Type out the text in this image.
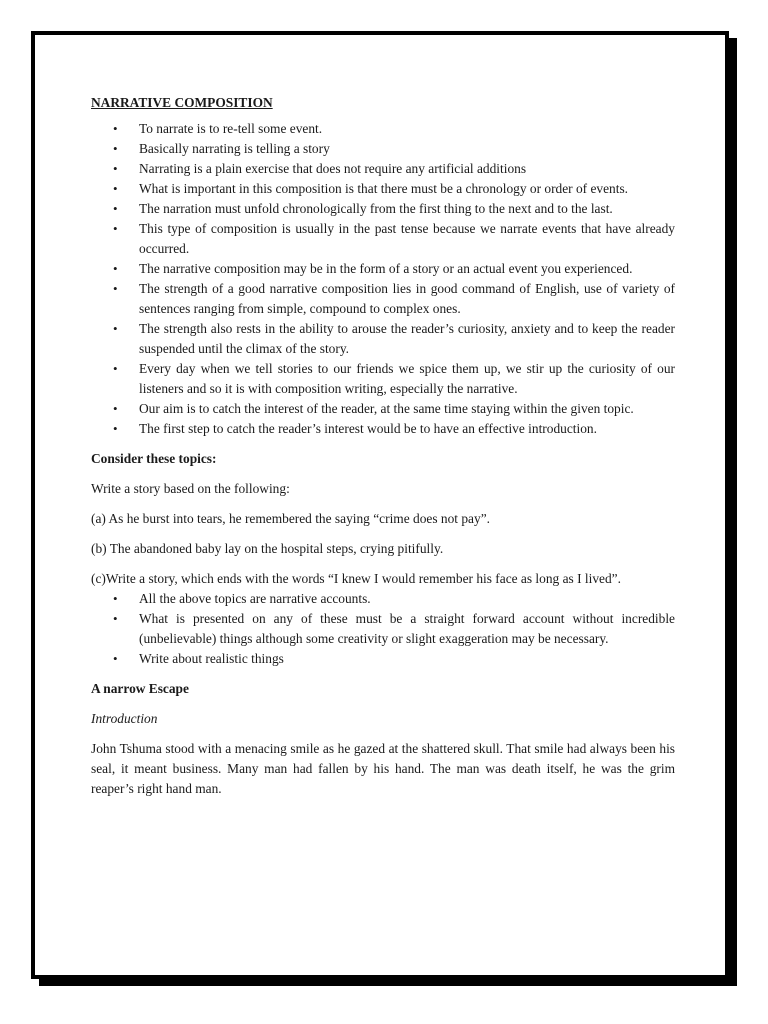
NARRATIVE COMPOSITION
• To narrate is to re-tell some event.
• Basically narrating is telling a story
• Narrating is a plain exercise that does not require any artificial additions
• What is important in this composition is that there must be a chronology or order of events.
• The narration must unfold chronologically from the first thing to the next and to the last.
• This type of composition is usually in the past tense because we narrate events that have already occurred.
• The narrative composition may be in the form of a story or an actual event you experienced.
• The strength of a good narrative composition lies in good command of English, use of variety of sentences ranging from simple, compound to complex ones.
• The strength also rests in the ability to arouse the reader’s curiosity, anxiety and to keep the reader suspended until the climax of the story.
• Every day when we tell stories to our friends we spice them up, we stir up the curiosity of our listeners and so it is with composition writing, especially the narrative.
• Our aim is to catch the interest of the reader, at the same time staying within the given topic.
• The first step to catch the reader’s interest would be to have an effective introduction.
Consider these topics:
Write a story based on the following:
(a) As he burst into tears, he remembered the saying “crime does not pay”.
(b) The abandoned baby lay on the hospital steps, crying pitifully.
(c)Write a story, which ends with the words “I knew I would remember his face as long as I lived”.
• All the above topics are narrative accounts.
• What is presented on any of these must be a straight forward account without incredible (unbelievable) things although some creativity or slight exaggeration may be necessary.
• Write about realistic things
A narrow Escape
Introduction
John Tshuma stood with a menacing smile as he gazed at the shattered skull. That smile had always been his seal, it meant business. Many man had fallen by his hand. The man was death itself, he was the grim reaper’s right hand man.
